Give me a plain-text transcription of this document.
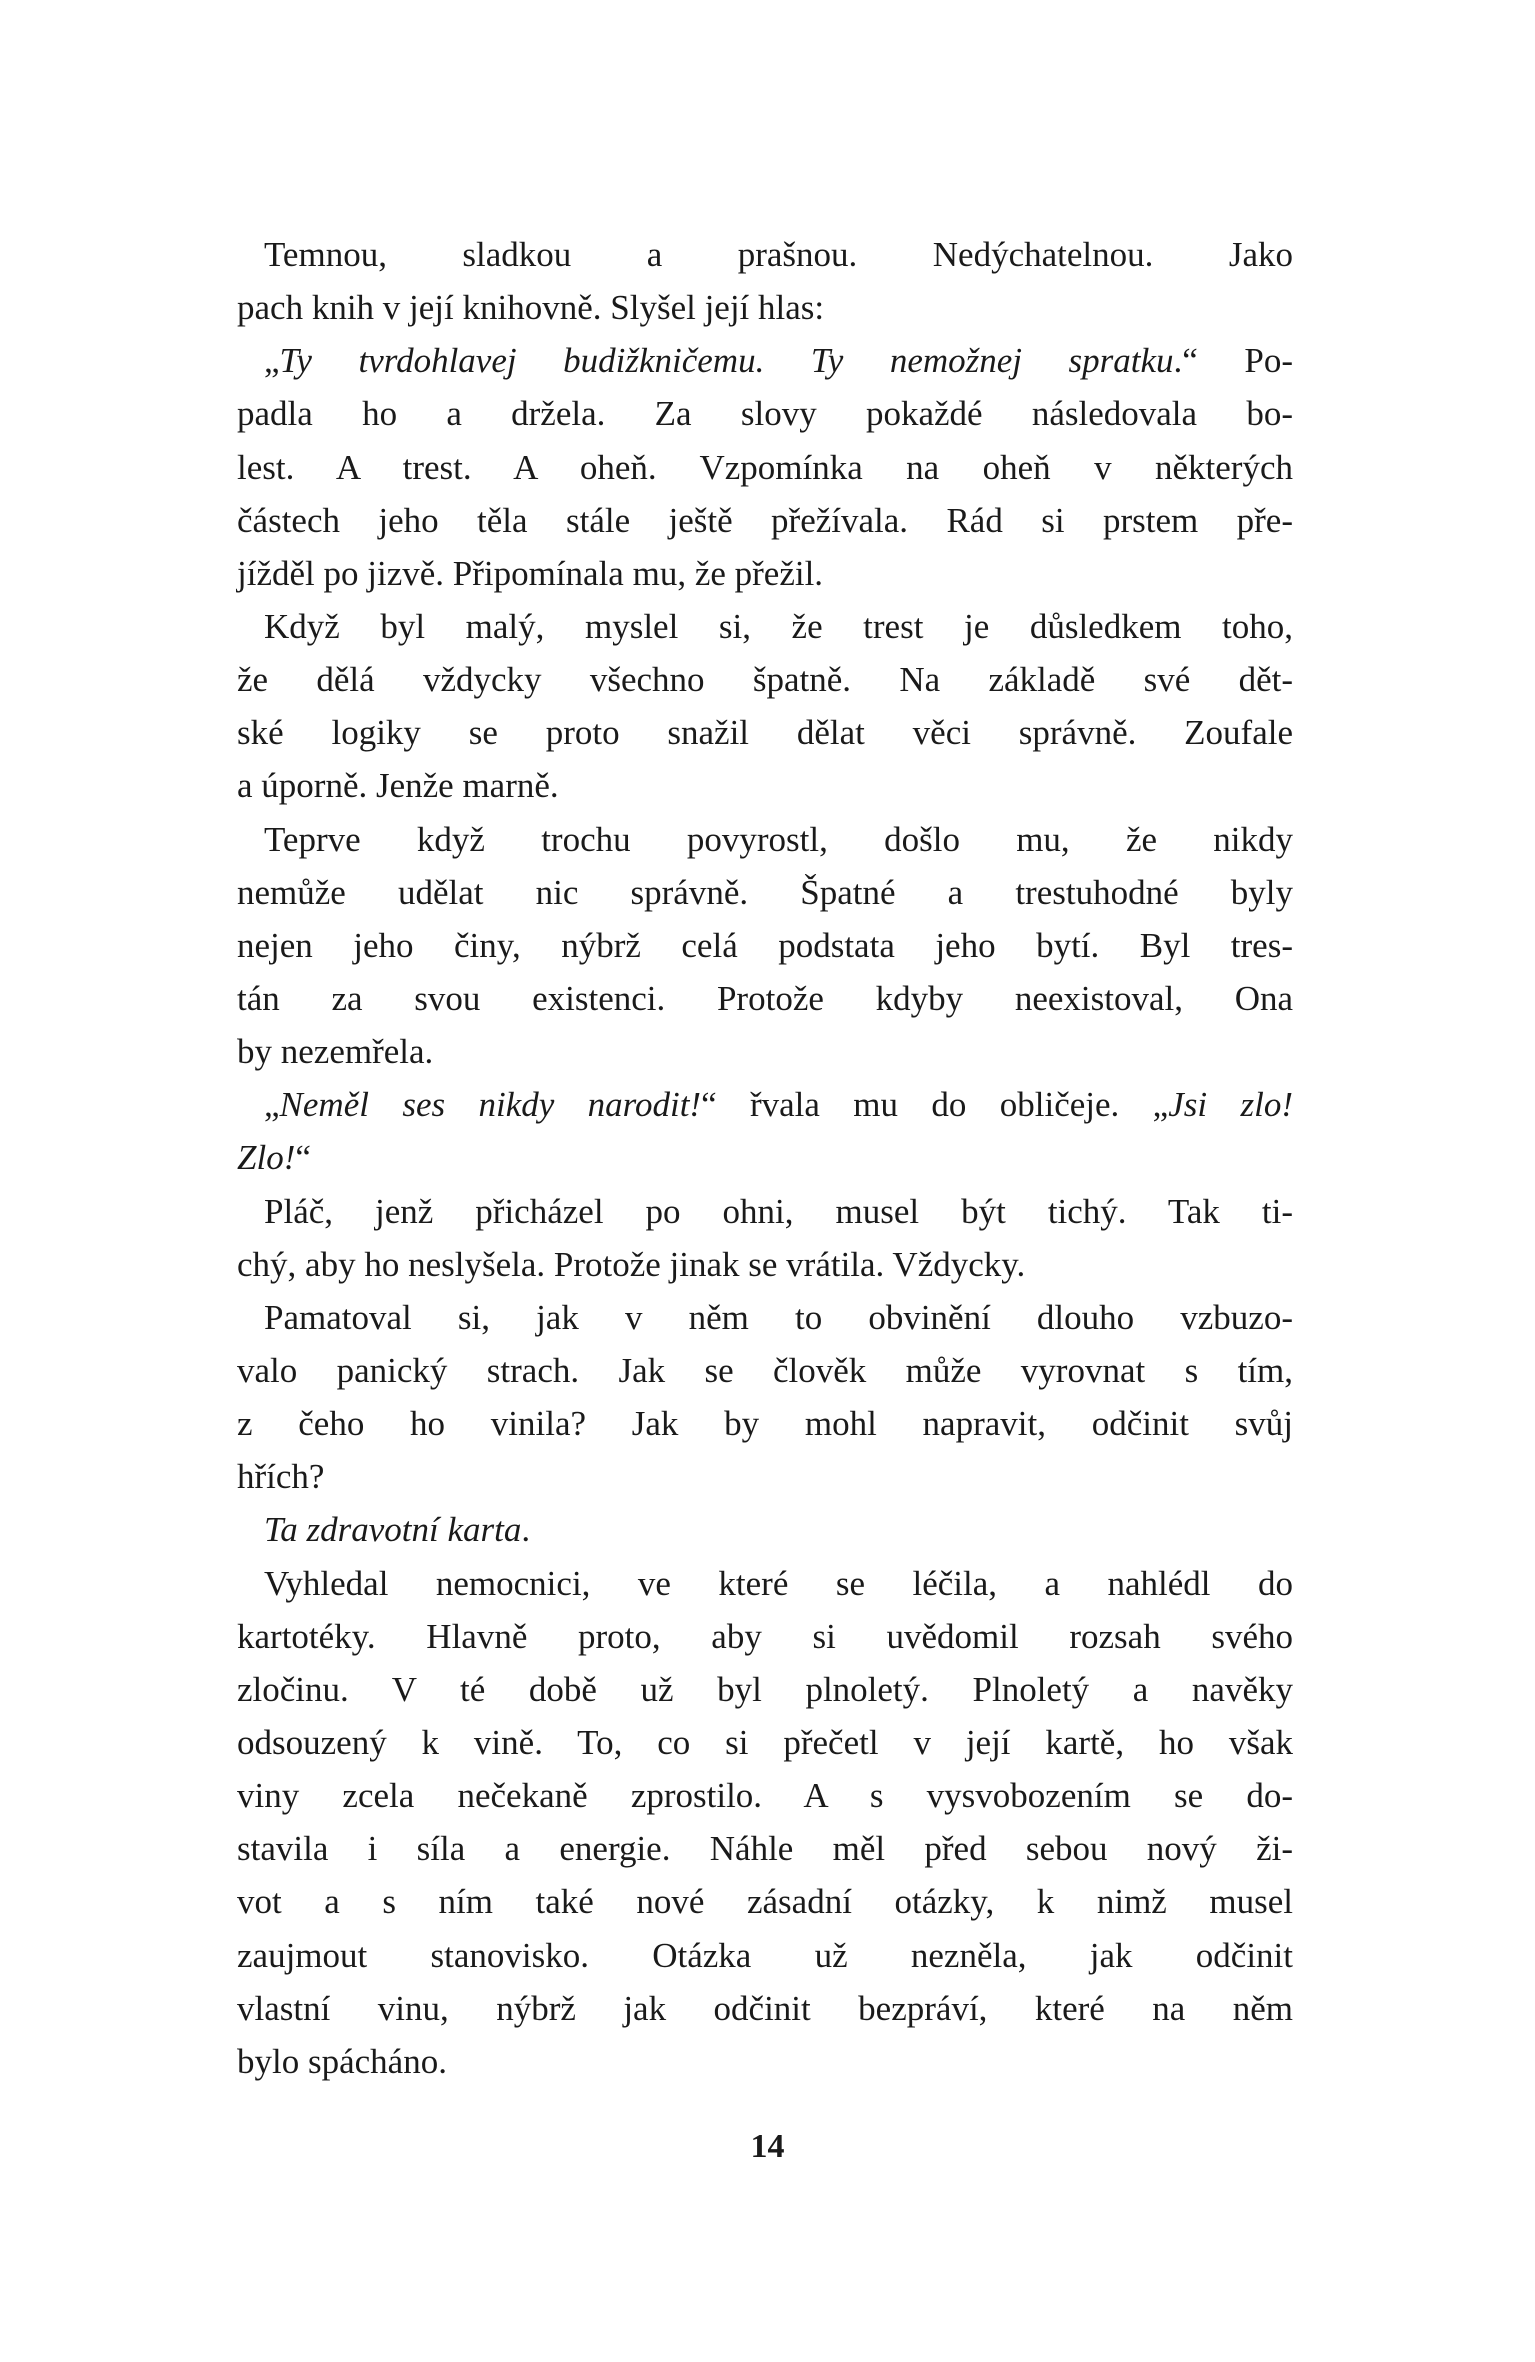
Temnou, sladkou a prašnou. Nedýchatelnou. Jako
pach knih v její knihovně. Slyšel její hlas:
„Ty tvrdohlavej budižkničemu. Ty nemožnej spratku.“ Po-
padla ho a držela. Za slovy pokaždé následovala bo-
lest. A trest. A oheň. Vzpomínka na oheň v některých
částech jeho těla stále ještě přežívala. Rád si prstem pře-
jížděl po jizvě. Připomínala mu, že přežil.
Když byl malý, myslel si, že trest je důsledkem toho,
že dělá vždycky všechno špatně. Na základě své dět-
ské logiky se proto snažil dělat věci správně. Zoufale
a úporně. Jenže marně.
Teprve když trochu povyrostl, došlo mu, že nikdy
nemůže udělat nic správně. Špatné a trestuhodné byly
nejen jeho činy, nýbrž celá podstata jeho bytí. Byl tres-
tán za svou existenci. Protože kdyby neexistoval, Ona
by nezemřela.
„Neměl ses nikdy narodit!“ řvala mu do obličeje. „Jsi zlo!
Zlo!“
Pláč, jenž přicházel po ohni, musel být tichý. Tak ti-
chý, aby ho neslyšela. Protože jinak se vrátila. Vždycky.
Pamatoval si, jak v něm to obvinění dlouho vzbuzo-
valo panický strach. Jak se člověk může vyrovnat s tím,
z čeho ho vinila? Jak by mohl napravit, odčinit svůj
hřích?
Ta zdravotní karta.
Vyhledal nemocnici, ve které se léčila, a nahlédl do
kartotéky. Hlavně proto, aby si uvědomil rozsah svého
zločinu. V té době už byl plnoletý. Plnoletý a navěky
odsouzený k vině. To, co si přečetl v její kartě, ho však
viny zcela nečekaně zprostilo. A s vysvobozením se do-
stavila i síla a energie. Náhle měl před sebou nový ži-
vot a s ním také nové zásadní otázky, k nimž musel
zaujmout stanovisko. Otázka už nezněla, jak odčinit
vlastní vinu, nýbrž jak odčinit bezpráví, které na něm
bylo spácháno.
14
